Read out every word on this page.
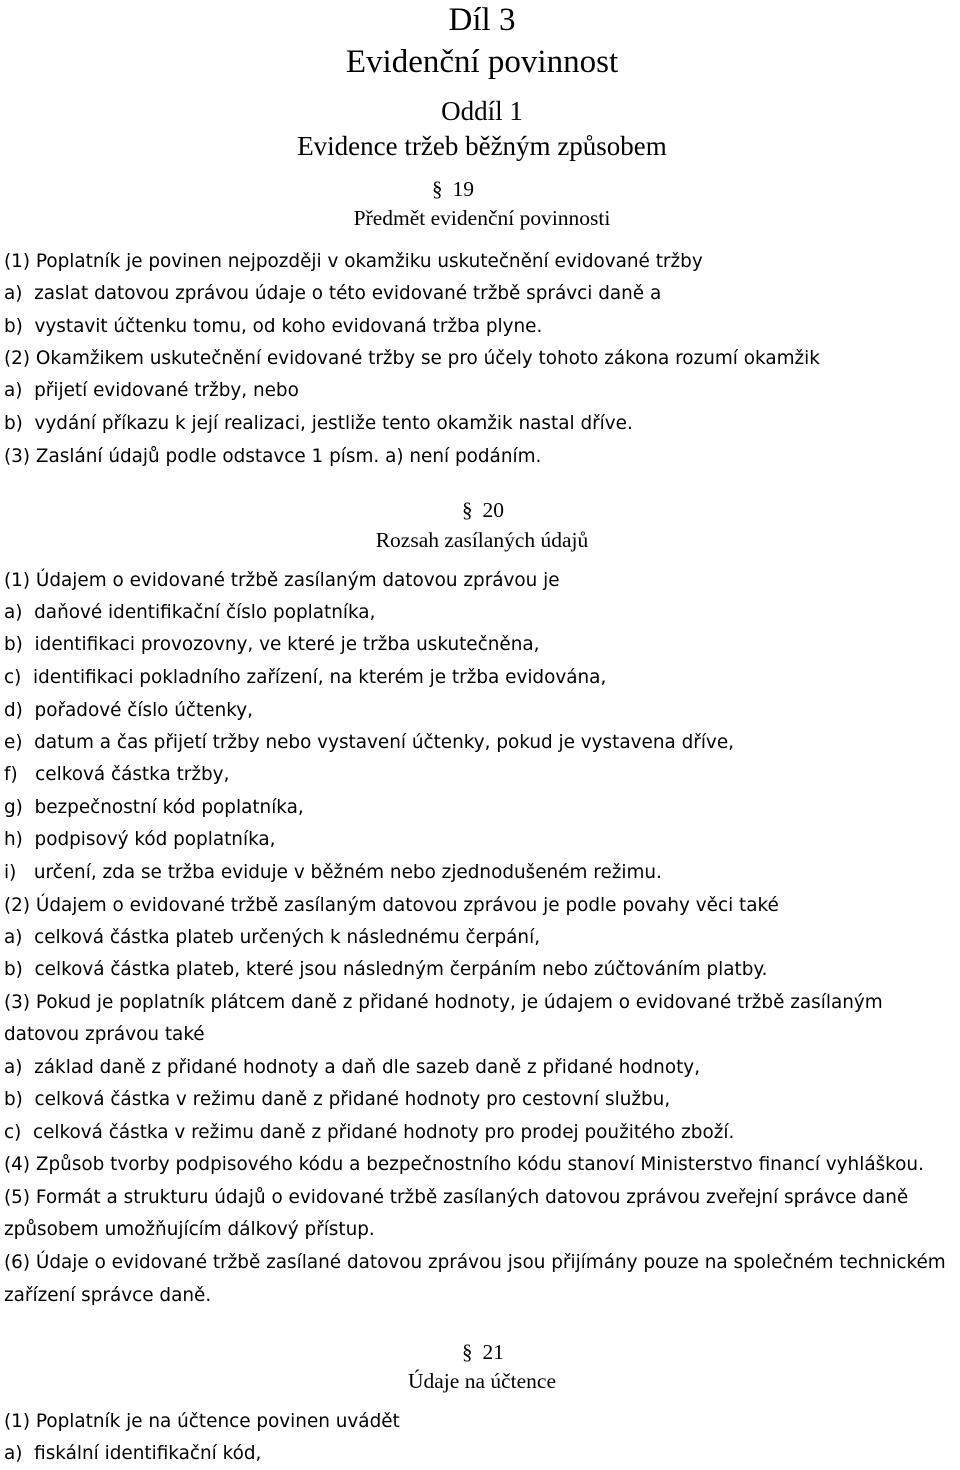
Díl 3
Evidenční povinnost
Oddíl 1
Evidence tržeb běžným způsobem
§ 19
Předmět evidenční povinnosti
(1) Poplatník je povinen nejpozději v okamžiku uskutečnění evidované tržby
a)  zaslat datovou zprávou údaje o této evidované tržbě správci daně a
b)  vystavit účtenku tomu, od koho evidovaná tržba plyne.
(2) Okamžikem uskutečnění evidované tržby se pro účely tohoto zákona rozumí okamžik
a)  přijetí evidované tržby, nebo
b)  vydání příkazu k její realizaci, jestliže tento okamžik nastal dříve.
(3) Zaslání údajů podle odstavce 1 písm. a) není podáním.
§ 20
Rozsah zasílaných údajů
(1) Údajem o evidované tržbě zasílaným datovou zprávou je
a)  daňové identifikační číslo poplatníka,
b)  identifikaci provozovny, ve které je tržba uskutečněna,
c)  identifikaci pokladního zařízení, na kterém je tržba evidována,
d)  pořadové číslo účtenky,
e)  datum a čas přijetí tržby nebo vystavení účtenky, pokud je vystavena dříve,
f)   celková částka tržby,
g)  bezpečnostní kód poplatníka,
h)  podpisový kód poplatníka,
i)   určení, zda se tržba eviduje v běžném nebo zjednodušeném režimu.
(2) Údajem o evidované tržbě zasílaným datovou zprávou je podle povahy věci také
a)  celková částka plateb určených k následnému čerpání,
b)  celková částka plateb, které jsou následným čerpáním nebo zúčtováním platby.
(3) Pokud je poplatník plátcem daně z přidané hodnoty, je údajem o evidované tržbě zasílaným
datovou zprávou také
a)  základ daně z přidané hodnoty a daň dle sazeb daně z přidané hodnoty,
b)  celková částka v režimu daně z přidané hodnoty pro cestovní službu,
c)  celková částka v režimu daně z přidané hodnoty pro prodej použitého zboží.
(4) Způsob tvorby podpisového kódu a bezpečnostního kódu stanoví Ministerstvo financí vyhláškou.
(5) Formát a strukturu údajů o evidované tržbě zasílaných datovou zprávou zveřejní správce daně
způsobem umožňujícím dálkový přístup.
(6) Údaje o evidované tržbě zasílané datovou zprávou jsou přijímány pouze na společném technickém
zařízení správce daně.
§ 21
Údaje na účtence
(1) Poplatník je na účtence povinen uvádět
a)  fiskální identifikační kód,
